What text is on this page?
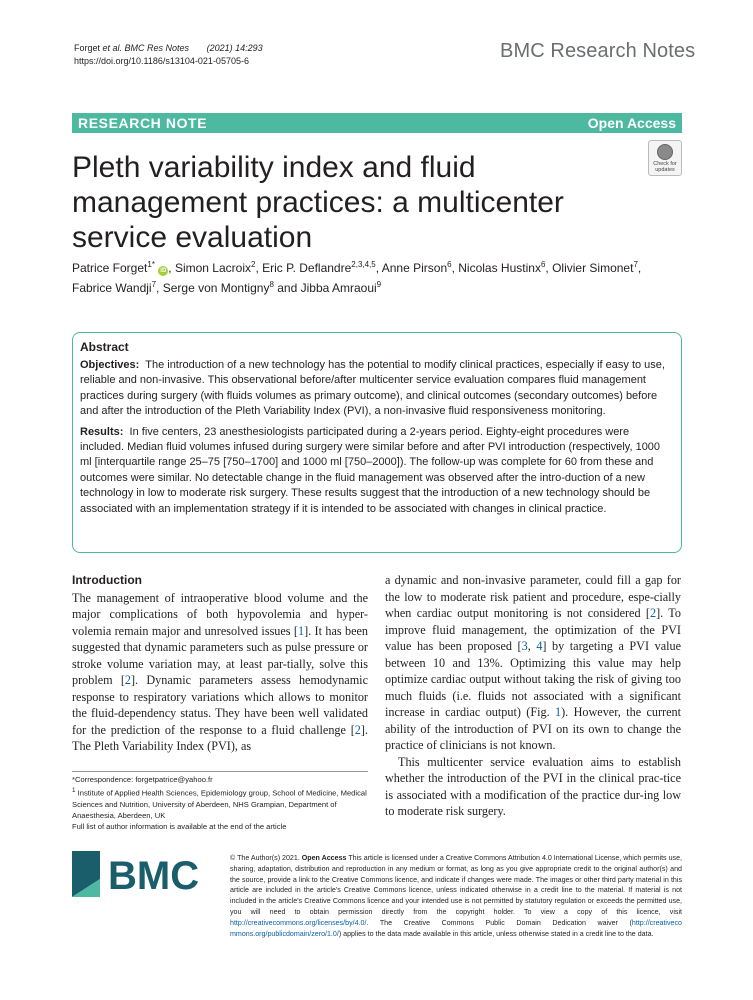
Forget et al. BMC Res Notes (2021) 14:293
https://doi.org/10.1186/s13104-021-05705-6	BMC Research Notes
RESEARCH NOTE	Open Access
Check for
updates
Pleth variability index and fluid management practices: a multicenter service evaluation
Patrice Forget$^{1*}$ iD , Simon Lacroix$^2$, Eric P. Deflandre$^{2,3,4,5}$, Anne Pirson$^6$, Nicolas Hustinx$^6$, Olivier Simonet$^7$, Fabrice Wandji$^7$, Serge von Montigny$^8$ and Jibba Amraoui$^9$
Abstract

Objectives: The introduction of a new technology has the potential to modify clinical practices, especially if easy to use, reliable and non-invasive. This observational before/after multicenter service evaluation compares fluid management practices during surgery (with fluids volumes as primary outcome), and clinical outcomes (secondary outcomes) before and after the introduction of the Pleth Variability Index (PVI), a non-invasive fluid responsiveness monitoring.

Results: In five centers, 23 anesthesiologists participated during a 2-years period. Eighty-eight procedures were included. Median fluid volumes infused during surgery were similar before and after PVI introduction (respectively, 1000 ml [interquartile range 25–75 [750–1700] and 1000 ml [750–2000]). The follow-up was complete for 60 from these and outcomes were similar. No detectable change in the fluid management was observed after the intro-duction of a new technology in low to moderate risk surgery. These results suggest that the introduction of a new technology should be associated with an implementation strategy if it is intended to be associated with changes in clinical practice.

Introduction

The management of intraoperative blood volume and the major complications of both hypovolemia and hyper-volemia remain major and unresolved issues [1]. It has been suggested that dynamic parameters such as pulse pressure or stroke volume variation may, at least par-tially, solve this problem [2]. Dynamic parameters assess hemodynamic response to respiratory variations which allows to monitor the fluid-dependency status. They have been well validated for the prediction of the response to a fluid challenge [2]. The Pleth Variability Index (PVI), as

a dynamic and non-invasive parameter, could fill a gap for the low to moderate risk patient and procedure, espe-cially when cardiac output monitoring is not considered [2]. To improve fluid management, the optimization of the PVI value has been proposed [3, 4] by targeting a PVI value between 10 and 13%. Optimizing this value may help optimize cardiac output without taking the risk of giving too much fluids (i.e. fluids not associated with a significant increase in cardiac output) (Fig. 1). However, the current ability of the introduction of PVI on its own to change the practice of clinicians is not known.

This multicenter service evaluation aims to establish whether the introduction of the PVI in the clinical prac-tice is associated with a modification of the practice dur-ing low to moderate risk surgery.

*Correspondence: forgetpatrice@yahoo.fr

$^1$ Institute of Applied Health Sciences, Epidemiology group, School of Medicine, Medical Sciences and Nutrition, University of Aberdeen, NHS Grampian, Department of Anaesthesia, Aberdeen, UK

Full list of author information is available at the end of the article

BMC	© The Author(s) 2021. Open Access This article is licensed under a Creative Commons Attribution 4.0 International License, which permits use, sharing, adaptation, distribution and reproduction in any medium or format, as long as you give appropriate credit to the original author(s) and the source, provide a link to the Creative Commons licence, and indicate if changes were made. The images or other third party material in this article are included in the article's Creative Commons licence, unless indicated otherwise in a credit line to the material. If material is not included in the article's Creative Commons licence and your intended use is not permitted by statutory regulation or exceeds the permitted use, you will need to obtain permission directly from the copyright holder. To view a copy of this licence, visit http://creativecommons.org/licenses/by/4.0/. The Creative Commons Public Domain Dedication waiver (http://creativeco mmons.org/publicdomain/zero/1.0/) applies to the data made available in this article, unless otherwise stated in a credit line to the data.
